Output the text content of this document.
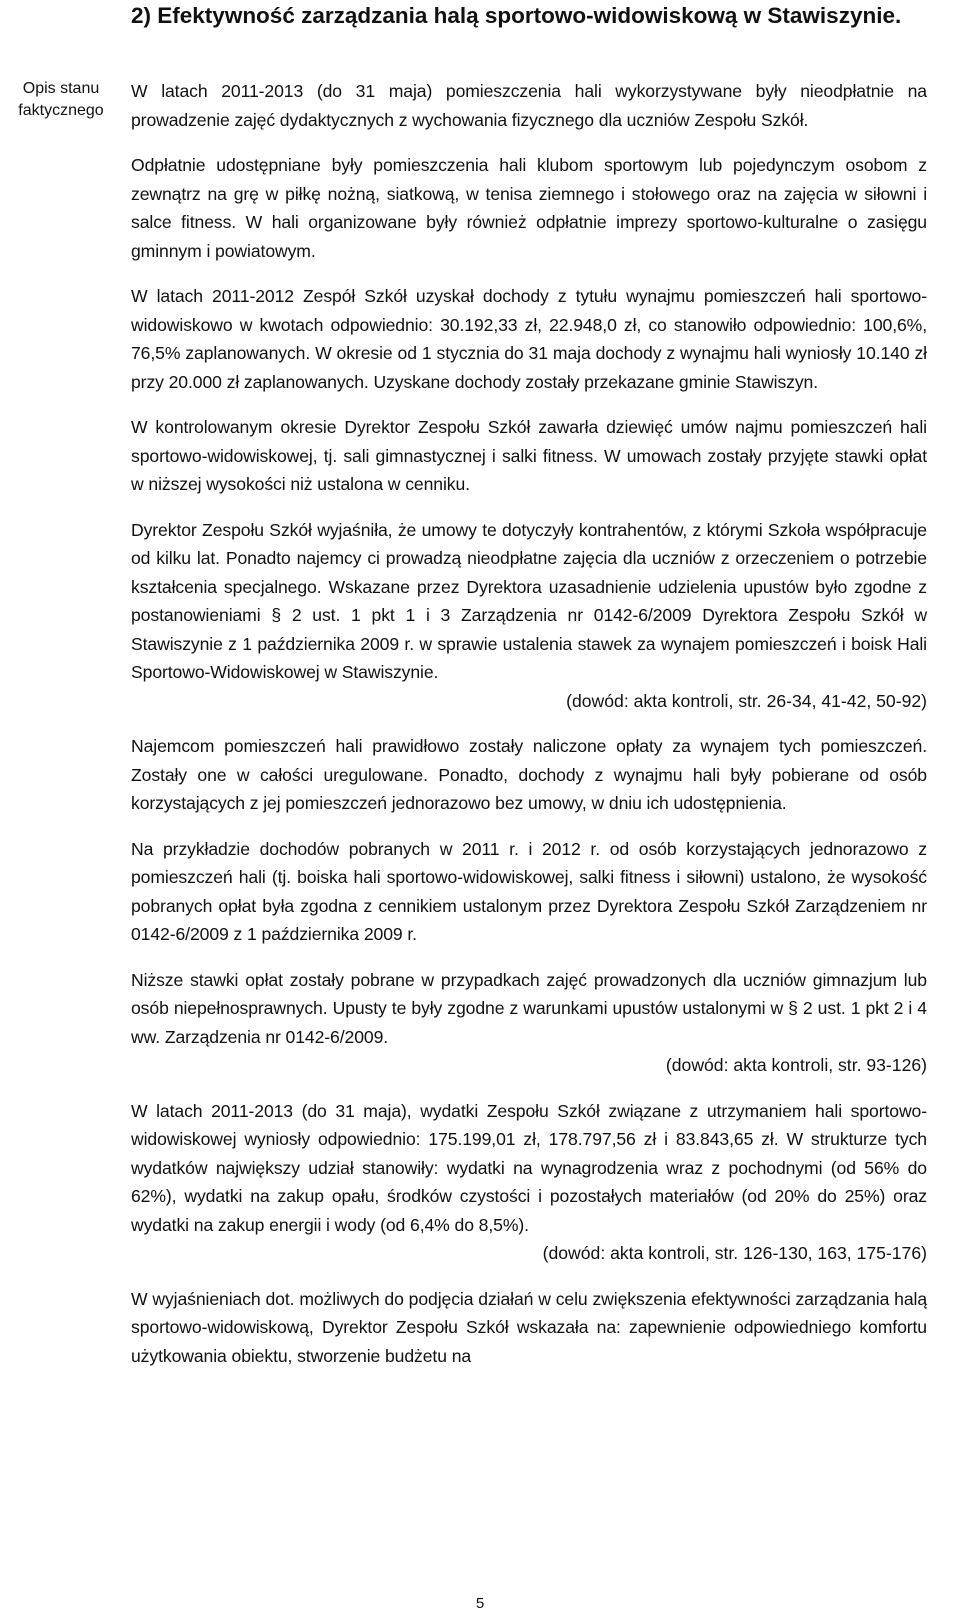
2) Efektywność zarządzania halą sportowo-widowiskową w Stawiszynie.
Opis stanu faktycznego

W latach 2011-2013 (do 31 maja) pomieszczenia hali wykorzystywane były nieodpłatnie na prowadzenie zajęć dydaktycznych z wychowania fizycznego dla uczniów Zespołu Szkół.

Odpłatnie udostępniane były pomieszczenia hali klubom sportowym lub pojedynczym osobom z zewnątrz na grę w piłkę nożną, siatkową, w tenisa ziemnego i stołowego oraz na zajęcia w siłowni i salce fitness. W hali organizowane były również odpłatnie imprezy sportowo-kulturalne o zasięgu gminnym i powiatowym.

W latach 2011-2012 Zespół Szkół uzyskał dochody z tytułu wynajmu pomieszczeń hali sportowo-widowiskowo w kwotach odpowiednio: 30.192,33 zł, 22.948,0 zł, co stanowiło odpowiednio: 100,6%, 76,5% zaplanowanych. W okresie od 1 stycznia do 31 maja dochody z wynajmu hali wyniosły 10.140 zł przy 20.000 zł zaplanowanych. Uzyskane dochody zostały przekazane gminie Stawiszyn.

W kontrolowanym okresie Dyrektor Zespołu Szkół zawarła dziewięć umów najmu pomieszczeń hali sportowo-widowiskowej, tj. sali gimnastycznej i salki fitness. W umowach zostały przyjęte stawki opłat w niższej wysokości niż ustalona w cenniku.

Dyrektor Zespołu Szkół wyjaśniła, że umowy te dotyczyły kontrahentów, z którymi Szkoła współpracuje od kilku lat. Ponadto najemcy ci prowadzą nieodpłatne zajęcia dla uczniów z orzeczeniem o potrzebie kształcenia specjalnego. Wskazane przez Dyrektora uzasadnienie udzielenia upustów było zgodne z postanowieniami § 2 ust. 1 pkt 1 i 3 Zarządzenia nr 0142-6/2009 Dyrektora Zespołu Szkół w Stawiszynie z 1 października 2009 r. w sprawie ustalenia stawek za wynajem pomieszczeń i boisk Hali Sportowo-Widowiskowej w Stawiszynie.

(dowód: akta kontroli, str. 26-34, 41-42, 50-92)

Najemcom pomieszczeń hali prawidłowo zostały naliczone opłaty za wynajem tych pomieszczeń. Zostały one w całości uregulowane. Ponadto, dochody z wynajmu hali były pobierane od osób korzystających z jej pomieszczeń jednorazowo bez umowy, w dniu ich udostępnienia.

Na przykładzie dochodów pobranych w 2011 r. i 2012 r. od osób korzystających jednorazowo z pomieszczeń hali (tj. boiska hali sportowo-widowiskowej, salki fitness i siłowni) ustalono, że wysokość pobranych opłat była zgodna z cennikiem ustalonym przez Dyrektora Zespołu Szkół Zarządzeniem nr 0142-6/2009 z 1 października 2009 r.

Niższe stawki opłat zostały pobrane w przypadkach zajęć prowadzonych dla uczniów gimnazjum lub osób niepełnosprawnych. Upusty te były zgodne z warunkami upustów ustalonymi w § 2 ust. 1 pkt 2 i 4 ww. Zarządzenia nr 0142-6/2009.

(dowód: akta kontroli, str. 93-126)

W latach 2011-2013 (do 31 maja), wydatki Zespołu Szkół związane z utrzymaniem hali sportowo-widowiskowej wyniosły odpowiednio: 175.199,01 zł, 178.797,56 zł i 83.843,65 zł. W strukturze tych wydatków największy udział stanowiły: wydatki na wynagrodzenia wraz z pochodnymi (od 56% do 62%), wydatki na zakup opału, środków czystości i pozostałych materiałów (od 20% do 25%) oraz wydatki na zakup energii i wody (od 6,4% do 8,5%).

(dowód: akta kontroli, str. 126-130, 163, 175-176)

W wyjaśnieniach dot. możliwych do podjęcia działań w celu zwiększenia efektywności zarządzania halą sportowo-widowiskową, Dyrektor Zespołu Szkół wskazała na: zapewnienie odpowiedniego komfortu użytkowania obiektu, stworzenie budżetu na

5
